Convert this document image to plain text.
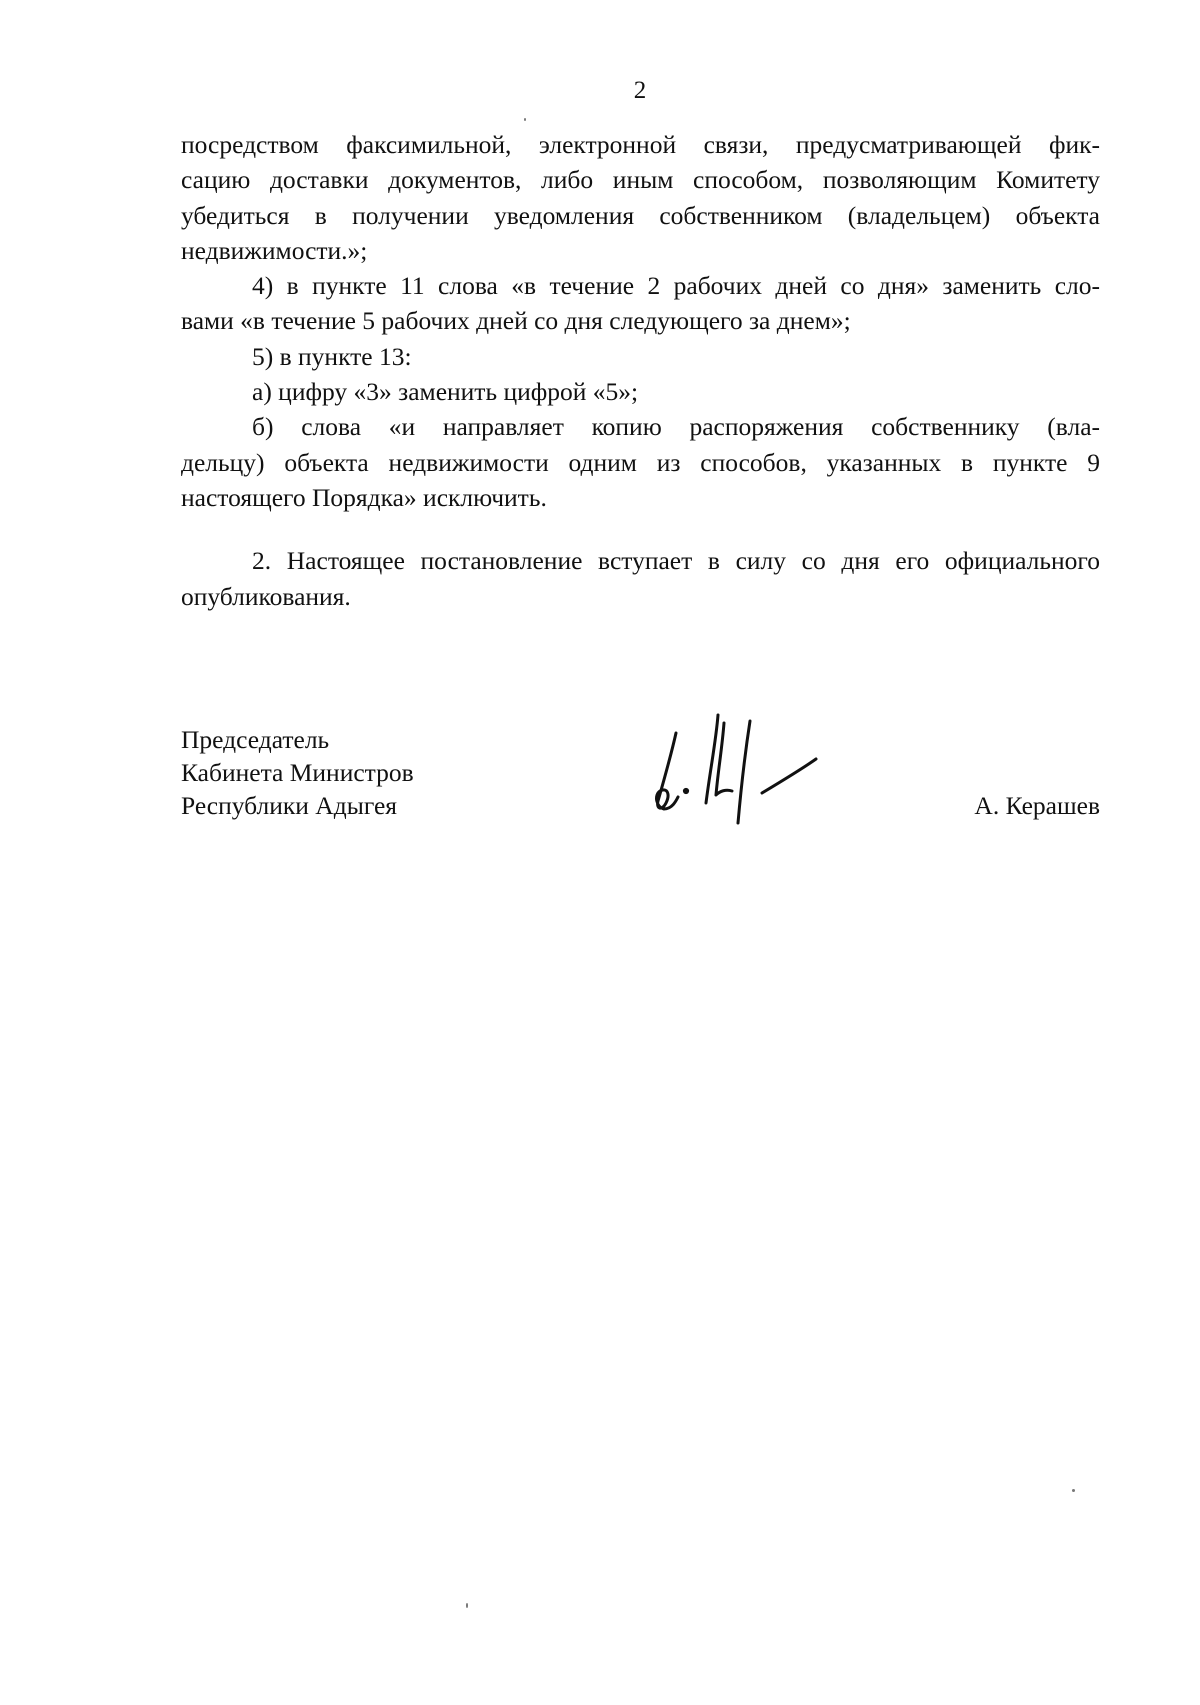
2

посредством факсимильной, электронной связи, предусматривающей фик-
сацию доставки документов, либо иным способом, позволяющим Комитету
убедиться в получении уведомления собственником (владельцем) объекта
недвижимости.»;

4) в пункте 11 слова «в течение 2 рабочих дней со дня» заменить сло-
вами «в течение 5 рабочих дней со дня следующего за днем»;

5) в пункте 13:

а) цифру «3» заменить цифрой «5»;

б) слова «и направляет копию распоряжения собственнику (вла-
дельцу) объекта недвижимости одним из способов, указанных в пункте 9
настоящего Порядка» исключить.

2. Настоящее постановление вступает в силу со дня его официального
опубликования.

Председатель
Кабинета Министров
Республики Адыгея	А. Керашев
